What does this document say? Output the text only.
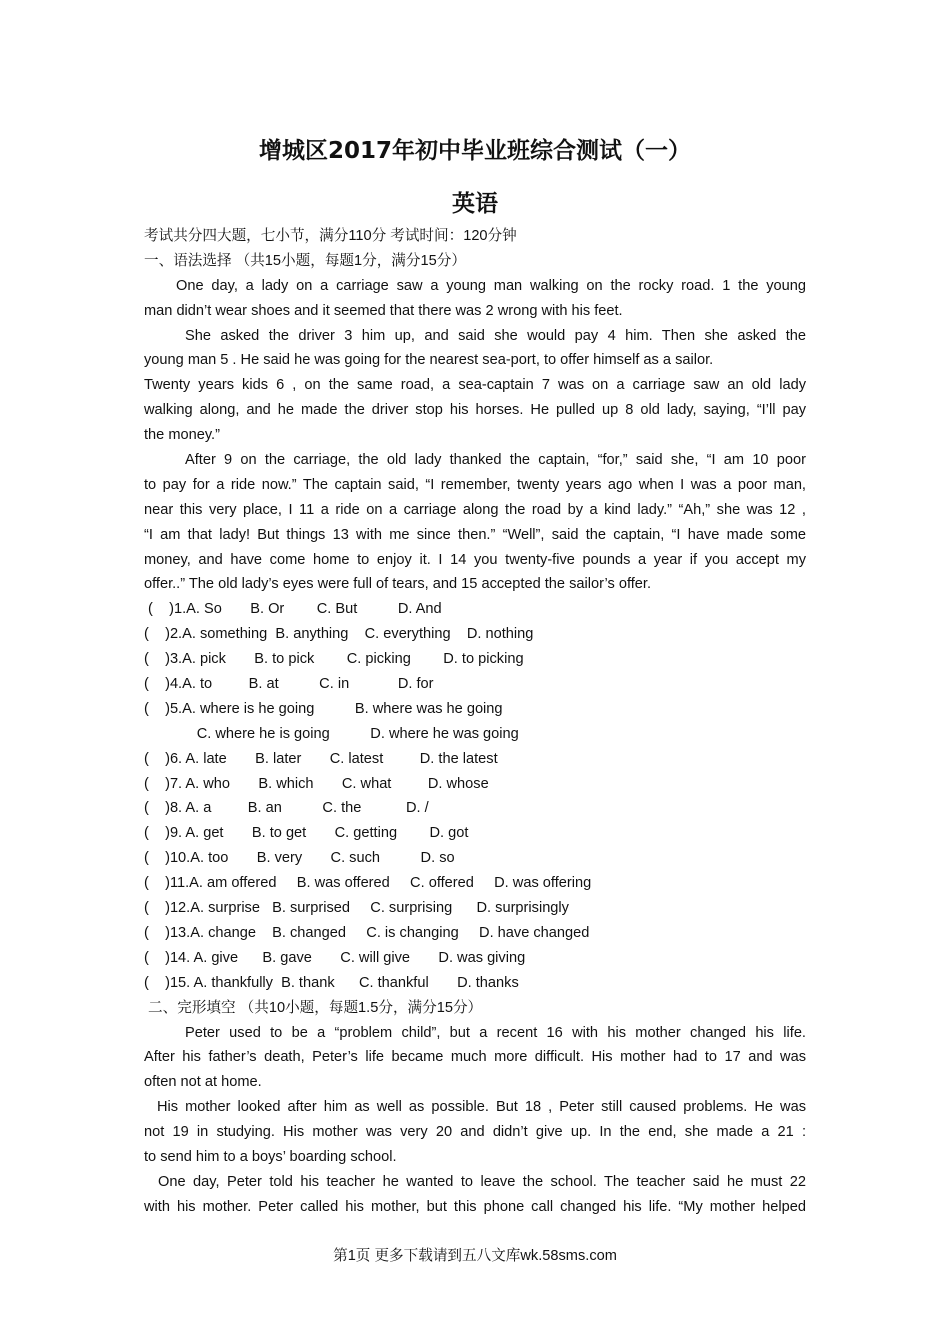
增城区2017年初中毕业班综合测试（一）
英语
考试共分四大题，七小节，满分110分 考试时间：120分钟
一、语法选择 （共15小题，每题1分，满分15分）
One day, a lady on a carriage saw a young man walking on the rocky road. 1 the young
man didn’t wear shoes and it seemed that there was 2 wrong with his feet.
She asked the driver 3 him up, and said she would pay 4 him. Then she asked the
young man 5 . He said he was going for the nearest sea-port, to offer himself as a sailor.
Twenty years kids 6 , on the same road, a sea-captain 7 was on a carriage saw an old lady
walking along, and he made the driver stop his horses. He pulled up 8 old lady, saying, “I’ll pay
the money.”
After 9 on the carriage, the old lady thanked the captain, “for,” said she, “I am 10 poor
to pay for a ride now.” The captain said, “I remember, twenty years ago when I was a poor man,
near this very place, I 11 a ride on a carriage along the road by a kind lady.” “Ah,” she was 12 ,
“I am that lady! But things 13 with me since then.” “Well”, said the captain, “I have made some
money, and have come home to enjoy it. I 14 you twenty-five pounds a year if you accept my
offer..” The old lady’s eyes were full of tears, and 15 accepted the sailor’s offer.
(    )1.A. So       B. Or        C. But          D. And
(    )2.A. something  B. anything    C. everything    D. nothing
(    )3.A. pick       B. to pick        C. picking        D. to picking
(    )4.A. to         B. at          C. in            D. for
(    )5.A. where is he going          B. where was he going
C. where he is going          D. where he was going
(    )6. A. late       B. later       C. latest         D. the latest
(    )7. A. who       B. which       C. what         D. whose
(    )8. A. a         B. an          C. the           D. /
(    )9. A. get       B. to get       C. getting        D. got
(    )10.A. too       B. very       C. such          D. so
(    )11.A. am offered     B. was offered     C. offered     D. was offering
(    )12.A. surprise   B. surprised     C. surprising      D. surprisingly
(    )13.A. change    B. changed     C. is changing     D. have changed
(    )14. A. give      B. gave       C. will give       D. was giving
(    )15. A. thankfully  B. thank      C. thankful       D. thanks
二、完形填空 （共10小题，每题1.5分，满分15分）
Peter used to be a “problem child”, but a recent 16 with his mother changed his life.
After his father’s death, Peter’s life became much more difficult. His mother had to 17 and was
often not at home.
His mother looked after him as well as possible. But 18 , Peter still caused problems. He was
not 19 in studying. His mother was very 20 and didn’t give up. In the end, she made a 21 :
to send him to a boys’ boarding school.
One day, Peter told his teacher he wanted to leave the school. The teacher said he must 22
with his mother. Peter called his mother, but this phone call changed his life. “My mother helped
第1页 更多下载请到五八文库wk.58sms.com
